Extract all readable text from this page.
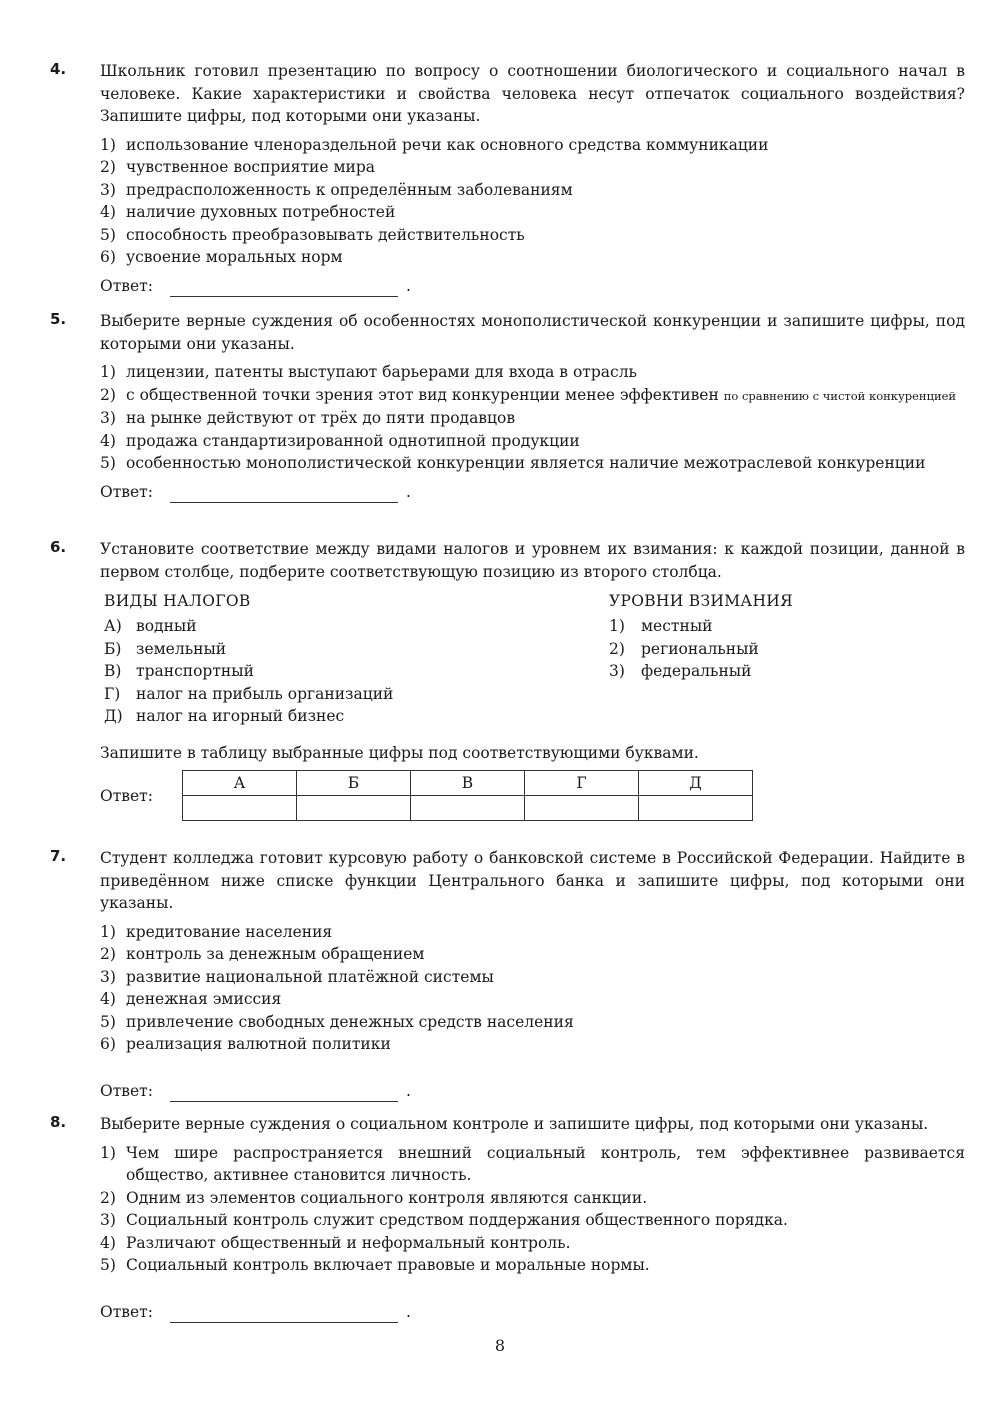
4. Школьник готовил презентацию по вопросу о соотношении биологического и социального начал в человеке. Какие характеристики и свойства человека несут отпечаток социального воздействия? Запишите цифры, под которыми они указаны.

1) использование членораздельной речи как основного средства коммуникации
2) чувственное восприятие мира
3) предрасположенность к определённым заболеваниям
4) наличие духовных потребностей
5) способность преобразовывать действительность
6) усвоение моральных норм
Ответ:	.
5. Выберите верные суждения об особенностях монополистической конкуренции и запишите цифры, под которыми они указаны.

1) лицензии, патенты выступают барьерами для входа в отрасль
2) с общественной точки зрения этот вид конкуренции менее эффективен по сравнению с чистой конкуренцией
3) на рынке действуют от трёх до пяти продавцов
4) продажа стандартизированной однотипной продукции
5) особенностью монополистической конкуренции является наличие межотраслевой конкуренции
Ответ:	.
6. Установите соответствие между видами налогов и уровнем их взимания: к каждой позиции, данной в первом столбце, подберите соответствующую позицию из второго столбца.

ВИДЫ НАЛОГОВ
А) водный
Б) земельный
В) транспортный
Г)	налог на прибыль организаций
Д) налог на игорный бизнес
УРОВНИ ВЗИМАНИЯ
1)	местный
2)	региональный
3)	федеральный

Запишите в таблицу выбранные цифры под соответствующими буквами.

Ответ:
А	Б	В	Г	Д

7. Студент колледжа готовит курсовую работу о банковской системе в Российской Федерации. Найдите в приведённом ниже списке функции Центрального банка и запишите цифры, под которыми они указаны.

1) кредитование населения
2) контроль за денежным обращением
3) развитие национальной платёжной системы
4) денежная эмиссия
5) привлечение свободных денежных средств населения
6) реализация валютной политики
Ответ:	.
8. Выберите верные суждения о социальном контроле и запишите цифры, под которыми они указаны.

1) Чем шире распространяется внешний социальный контроль, тем эффективнее развивается общество, активнее становится личность.
2) Одним из элементов социального контроля являются санкции.
3) Социальный контроль служит средством поддержания общественного порядка.
4) Различают общественный и неформальный контроль.
5) Социальный контроль включает правовые и моральные нормы.
Ответ:	.
8
